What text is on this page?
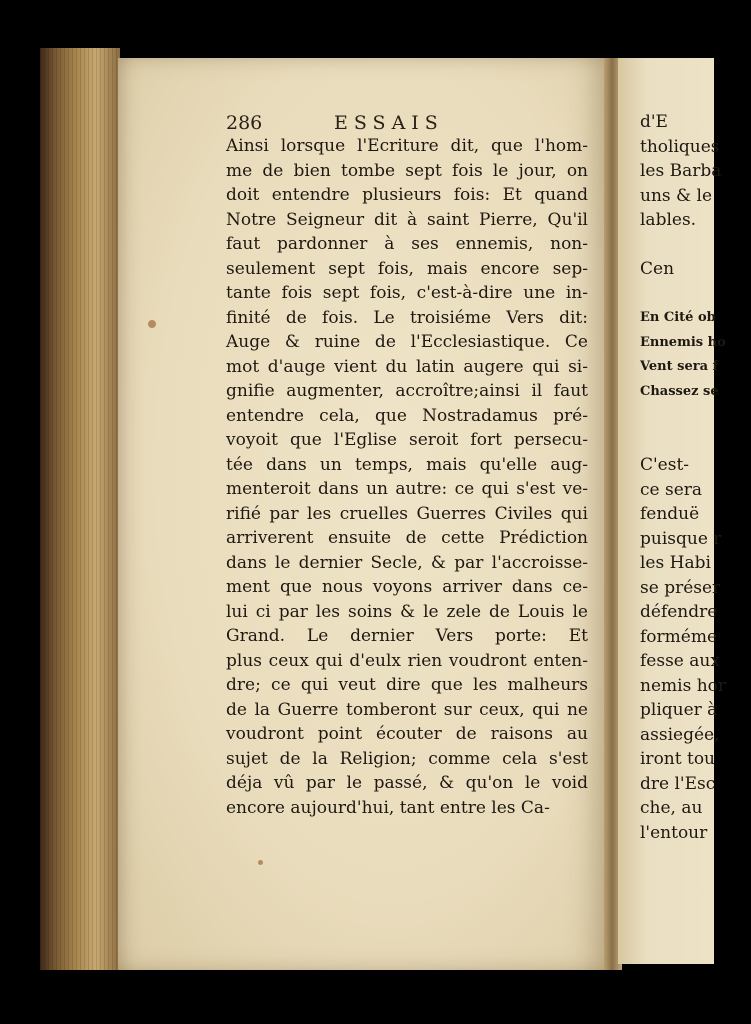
286	ESSAIS
Ainsi lorsque l'Ecriture dit, que l'hom-
me de bien tombe sept fois le jour, on
doit entendre plusieurs fois: Et quand
Notre Seigneur dit à saint Pierre, Qu'il
faut pardonner à ses ennemis, non-
seulement sept fois, mais encore sep-
tante fois sept fois, c'est-à-dire une in-
finité de fois. Le troisiéme Vers dit:
Auge & ruine de l'Ecclesiastique. Ce
mot d'auge vient du latin augere qui si-
gnifie augmenter, accroître;ainsi il faut
entendre cela, que Nostradamus pré-
voyoit que l'Eglise seroit fort persecu-
tée dans un temps, mais qu'elle aug-
menteroit dans un autre: ce qui s'est ve-
rifié par les cruelles Guerres Civiles qui
arriverent ensuite de cette Prédiction
dans le dernier Secle, & par l'accroisse-
ment que nous voyons arriver dans ce-
lui ci par les soins & le zele de Louis le
Grand. Le dernier Vers porte: Et
plus ceux qui d'eulx rien voudront enten-
dre; ce qui veut dire que les malheurs
de la Guerre tomberont sur ceux, qui ne
voudront point écouter de raisons au
sujet de la Religion; comme cela s'est
déja vû par le passé, & qu'on le void
encore aujourd'hui, tant entre les Ca-
d'E
tholiques
les Barba
uns & le
lables.
Cen
En Cité ob
Ennemis ho
Vent sera f
Chassez se
C'est-
ce sera
fenduë
puisque r
les Habi
se préser
défendre
forméme
fesse aux
nemis hor
pliquer à
assiegée,
iront tou
dre l'Esc
che, au
l'entour
